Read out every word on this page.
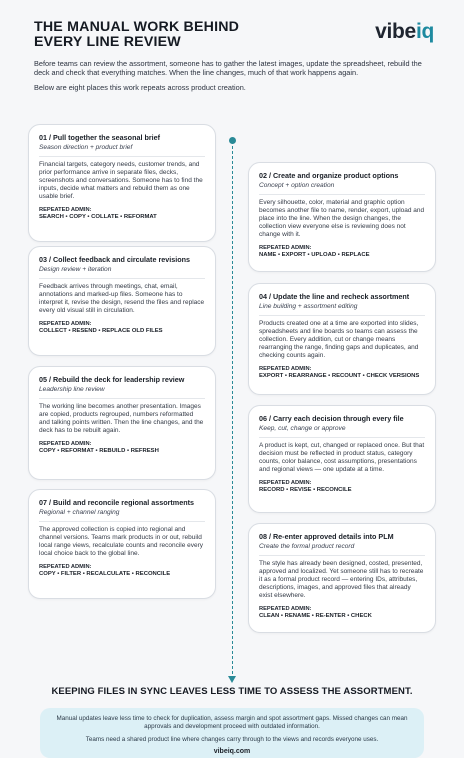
THE MANUAL WORK BEHIND
EVERY LINE REVIEW	vibeiq

Before teams can review the assortment, someone has to gather the latest images, update the spreadsheet, rebuild the deck and check that everything matches. When the line changes, much of that work happens again.

Below are eight places this work repeats across product creation.

01 / Pull together the seasonal brief
Season direction + product brief
Financial targets, category needs, customer trends, and prior performance arrive in separate files, decks, screenshots and conversations. Someone has to find the inputs, decide what matters and rebuild them as one usable brief.
REPEATED ADMIN:
SEARCH • COPY • COLLATE • REFORMAT
02 / Create and organize product options
Concept + option creation
Every silhouette, color, material and graphic option becomes another file to name, render, export, upload and place into the line. When the design changes, the collection view everyone else is reviewing does not change with it.
REPEATED ADMIN:
NAME • EXPORT • UPLOAD • REPLACE
03 / Collect feedback and circulate revisions
Design review + iteration
Feedback arrives through meetings, chat, email, annotations and marked-up files. Someone has to interpret it, revise the design, resend the files and replace every old visual still in circulation.
REPEATED ADMIN:
COLLECT • RESEND • REPLACE OLD FILES
04 / Update the line and recheck assortment
Line building + assortment editing
Products created one at a time are exported into slides, spreadsheets and line boards so teams can assess the collection. Every addition, cut or change means rearranging the range, finding gaps and duplicates, and checking counts again.
REPEATED ADMIN:
EXPORT • REARRANGE • RECOUNT • CHECK VERSIONS
05 / Rebuild the deck for leadership review
Leadership line review
The working line becomes another presentation. Images are copied, products regrouped, numbers reformatted and talking points written. Then the line changes, and the deck has to be rebuilt again.
REPEATED ADMIN:
COPY • REFORMAT • REBUILD • REFRESH
06 / Carry each decision through every file
Keep, cut, change or approve
A product is kept, cut, changed or replaced once. But that decision must be reflected in product status, category counts, color balance, cost assumptions, presentations and regional views — one update at a time.
REPEATED ADMIN:
RECORD • REVISE • RECONCILE
07 / Build and reconcile regional assortments
Regional + channel ranging
The approved collection is copied into regional and channel versions. Teams mark products in or out, rebuild local range views, recalculate counts and reconcile every local choice back to the global line.
REPEATED ADMIN:
COPY • FILTER • RECALCULATE • RECONCILE
08 / Re-enter approved details into PLM
Create the formal product record
The style has already been designed, costed, presented, approved and localized. Yet someone still has to recreate it as a formal product record — entering IDs, attributes, descriptions, images, and approved files that already exist elsewhere.
REPEATED ADMIN:
CLEAN • RENAME • RE-ENTER • CHECK
KEEPING FILES IN SYNC LEAVES LESS TIME TO ASSESS THE ASSORTMENT.

Manual updates leave less time to check for duplication, assess margin and spot assortment gaps. Missed changes can mean approvals and development proceed with outdated information.

Teams need a shared product line where changes carry through to the views and records everyone uses.

vibeiq.com
